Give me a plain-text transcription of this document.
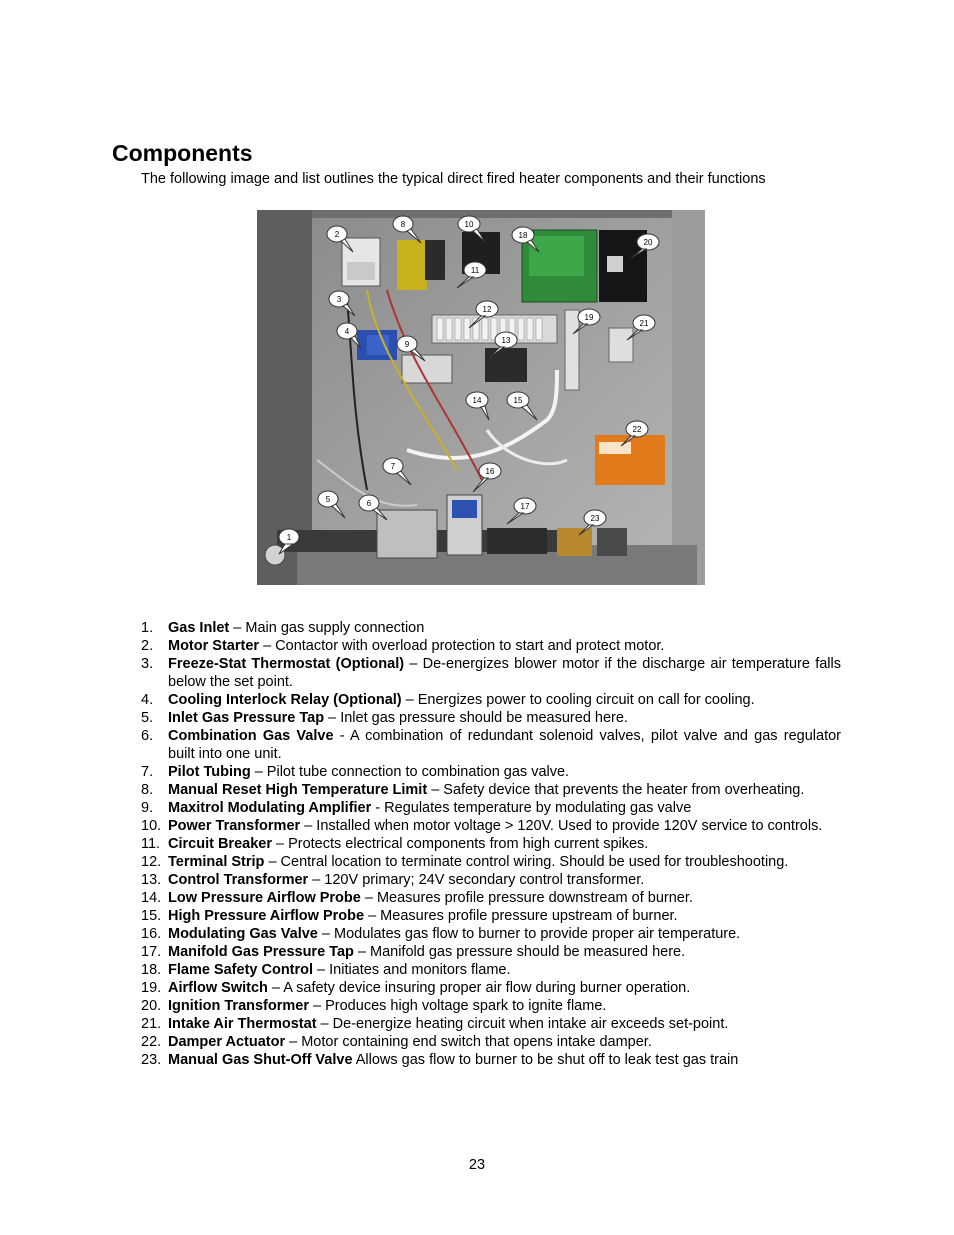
Components

The following image and list outlines the typical direct fired heater components and their functions

1
2
3
4
5	6
7
8
9
10
11
12
13
14	15
16
17
18
19
20
21
22
23
1. Gas Inlet – Main gas supply connection
2. Motor Starter – Contactor with overload protection to start and protect motor.
3. Freeze-Stat Thermostat (Optional) – De-energizes blower motor if the discharge air temperature falls below the set point.
4. Cooling Interlock Relay (Optional) – Energizes power to cooling circuit on call for cooling.
5. Inlet Gas Pressure Tap – Inlet gas pressure should be measured here.
6. Combination Gas Valve - A combination of redundant solenoid valves, pilot valve and gas regulator built into one unit.
7. Pilot Tubing – Pilot tube connection to combination gas valve.
8. Manual Reset High Temperature Limit – Safety device that prevents the heater from overheating.
9. Maxitrol Modulating Amplifier - Regulates temperature by modulating gas valve
10. Power Transformer – Installed when motor voltage > 120V. Used to provide 120V service to controls.
11. Circuit Breaker – Protects electrical components from high current spikes.
12. Terminal Strip – Central location to terminate control wiring. Should be used for troubleshooting.
13. Control Transformer – 120V primary; 24V secondary control transformer.
14. Low Pressure Airflow Probe – Measures profile pressure downstream of burner.
15. High Pressure Airflow Probe – Measures profile pressure upstream of burner.
16. Modulating Gas Valve – Modulates gas flow to burner to provide proper air temperature.
17. Manifold Gas Pressure Tap – Manifold gas pressure should be measured here.
18. Flame Safety Control – Initiates and monitors flame.
19. Airflow Switch – A safety device insuring proper air flow during burner operation.
20. Ignition Transformer – Produces high voltage spark to ignite flame.
21. Intake Air Thermostat – De-energize heating circuit when intake air exceeds set-point.
22. Damper Actuator – Motor containing end switch that opens intake damper.
23. Manual Gas Shut-Off Valve Allows gas flow to burner to be shut off to leak test gas train
23
